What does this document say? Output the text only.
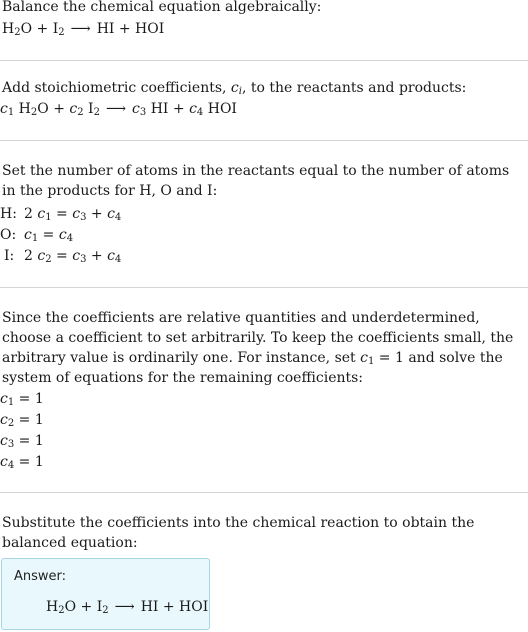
Balance the chemical equation algebraically:
$H_2O + I_2$ ⟶ HI + HOI
Add stoichiometric coefficients, $c_i$, to the reactants and products:
$c_1$ $H_2O + c_2$ $I_2$ ⟶ $c_3$ HI + $c_4$ HOI
Set the number of atoms in the reactants equal to the number of atoms in the products for H, O and I:
H: 2 $c_1 = c_3 + c_4$
O: $c_1 = c_4$
I: 2 $c_2 = c_3 + c_4$
Since the coefficients are relative quantities and underdetermined, choose a coefficient to set arbitrarily. To keep the coefficients small, the arbitrary value is ordinarily one. For instance, set $c_1 = 1$ and solve the system of equations for the remaining coefficients:
$c_1 = 1$
$c_2 = 1$
$c_3 = 1$
$c_4 = 1$
Substitute the coefficients into the chemical reaction to obtain the balanced equation:
Answer:
$H_2O + I_2$ ⟶ HI + HOI
